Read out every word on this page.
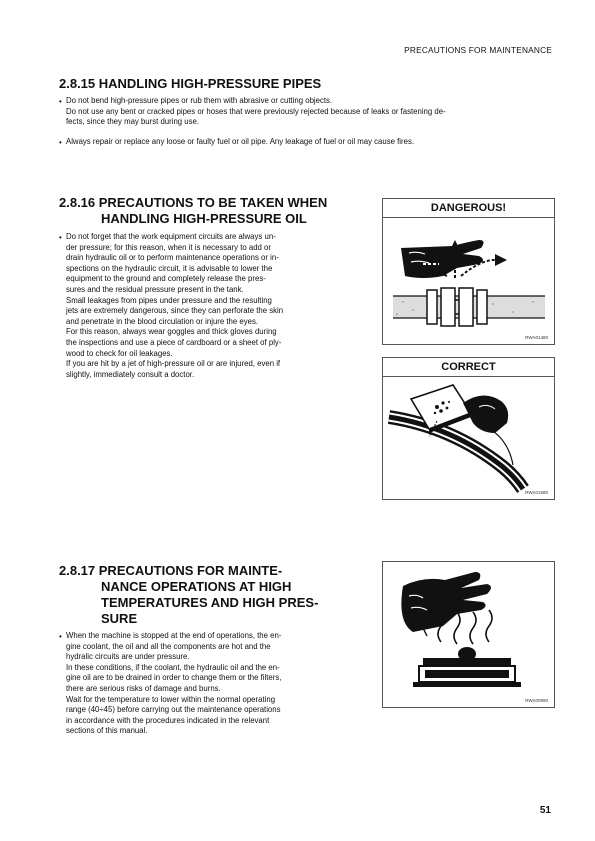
PRECAUTIONS FOR MAINTENANCE
2.8.15 HANDLING HIGH-PRESSURE PIPES
• Do not bend high-pressure pipes or rub them with abrasive or cutting objects.
Do not use any bent or cracked pipes or hoses that were previously rejected because of leaks or fastening de-
fects, since they may burst during use.
• Always repair or replace any loose or faulty fuel or oil pipe. Any leakage of fuel or oil may cause fires.
2.8.16 PRECAUTIONS TO BE TAKEN WHEN
HANDLING HIGH-PRESSURE OIL
• Do not forget that the work equipment circuits are always un-
der pressure; for this reason, when it is necessary to add or
drain hydraulic oil or to perform maintenance operations or in-
spections on the hydraulic circuit, it is advisable to lower the
equipment to the ground and completely release the pres-
sures and the residual pressure present in the tank.
Small leakages from pipes under pressure and the resulting
jets are extremely dangerous, since they can perforate the skin
and penetrate in the blood circulation or injure the eyes.
For this reason, always wear goggles and thick gloves during
the inspections and use a piece of cardboard or a sheet of ply-
wood to check for oil leakages.
If you are hit by a jet of high-pressure oil or are injured, even if
slightly, immediately consult a doctor.
DANGEROUS!
RWA01480
CORRECT
RWA01580
2.8.17 PRECAUTIONS FOR MAINTE-
NANCE OPERATIONS AT HIGH
TEMPERATURES AND HIGH PRES-
SURE
• When the machine is stopped at the end of operations, the en-
gine coolant, the oil and all the components are hot and the
hydralic circuits are under pressure.
In these conditions, if the coolant, the hydraulic oil and the en-
gine oil are to be drained in order to change them or the filters,
there are serious risks of damage and burns.
Wait for the temperature to lower within the normal operating
range (40÷45) before carrying out the maintenance operations
in accordance with the procedures indicated in the relevant
sections of this manual.
RWA00990
51
